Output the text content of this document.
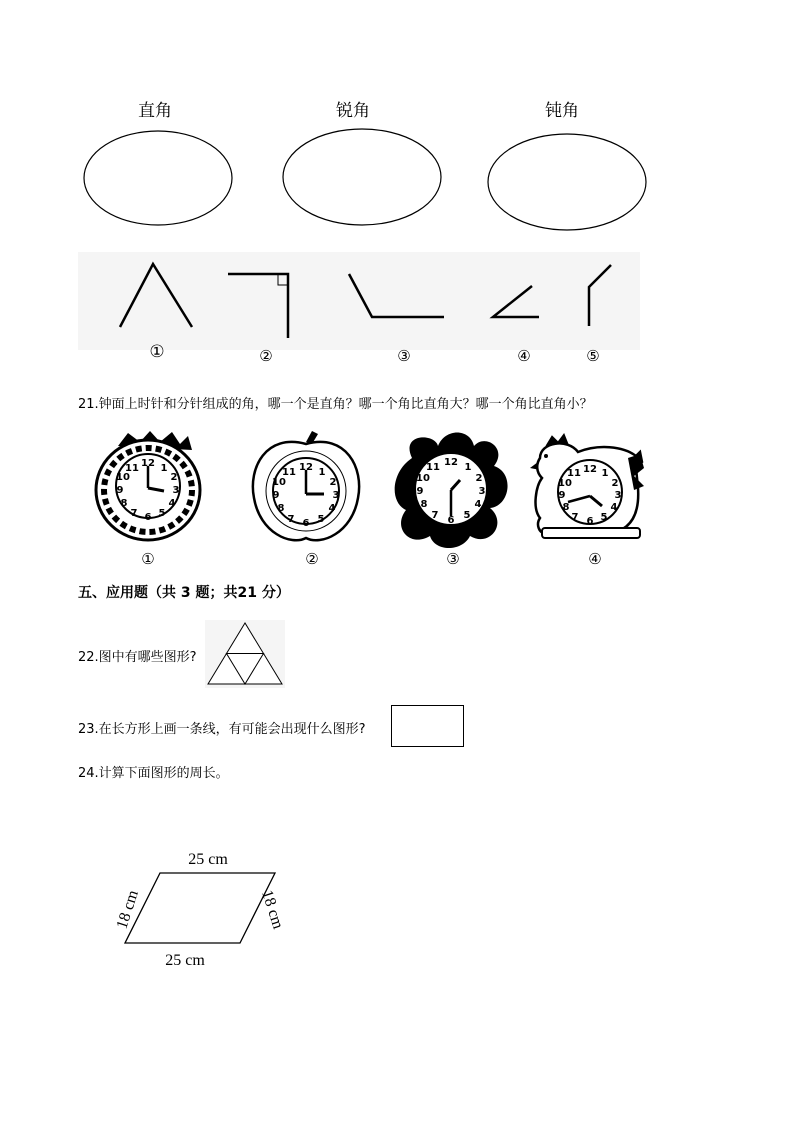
直角	锐角	钝角
①	②	③	④	⑤
21.钟面上时针和分针组成的角，哪一个是直角？哪一个角比直角大？哪一个角比直角小？
12 1
2
3
4
5
6
7
8
9
10
11	12 1
2
3
4
5
6
7
8
9
10
11
12 1
2
3
4
5
6
7
8
9
10
11	12 1
2
3
4
5
6
7
8
9
10
11
①	②	③	④
五、应用题（共 3 题；共21 分）
22.图中有哪些图形?
23.在长方形上画一条线，有可能会出现什么图形?
24.计算下面图形的周长。
25 cm
25 cm
18 cm	18 cm
